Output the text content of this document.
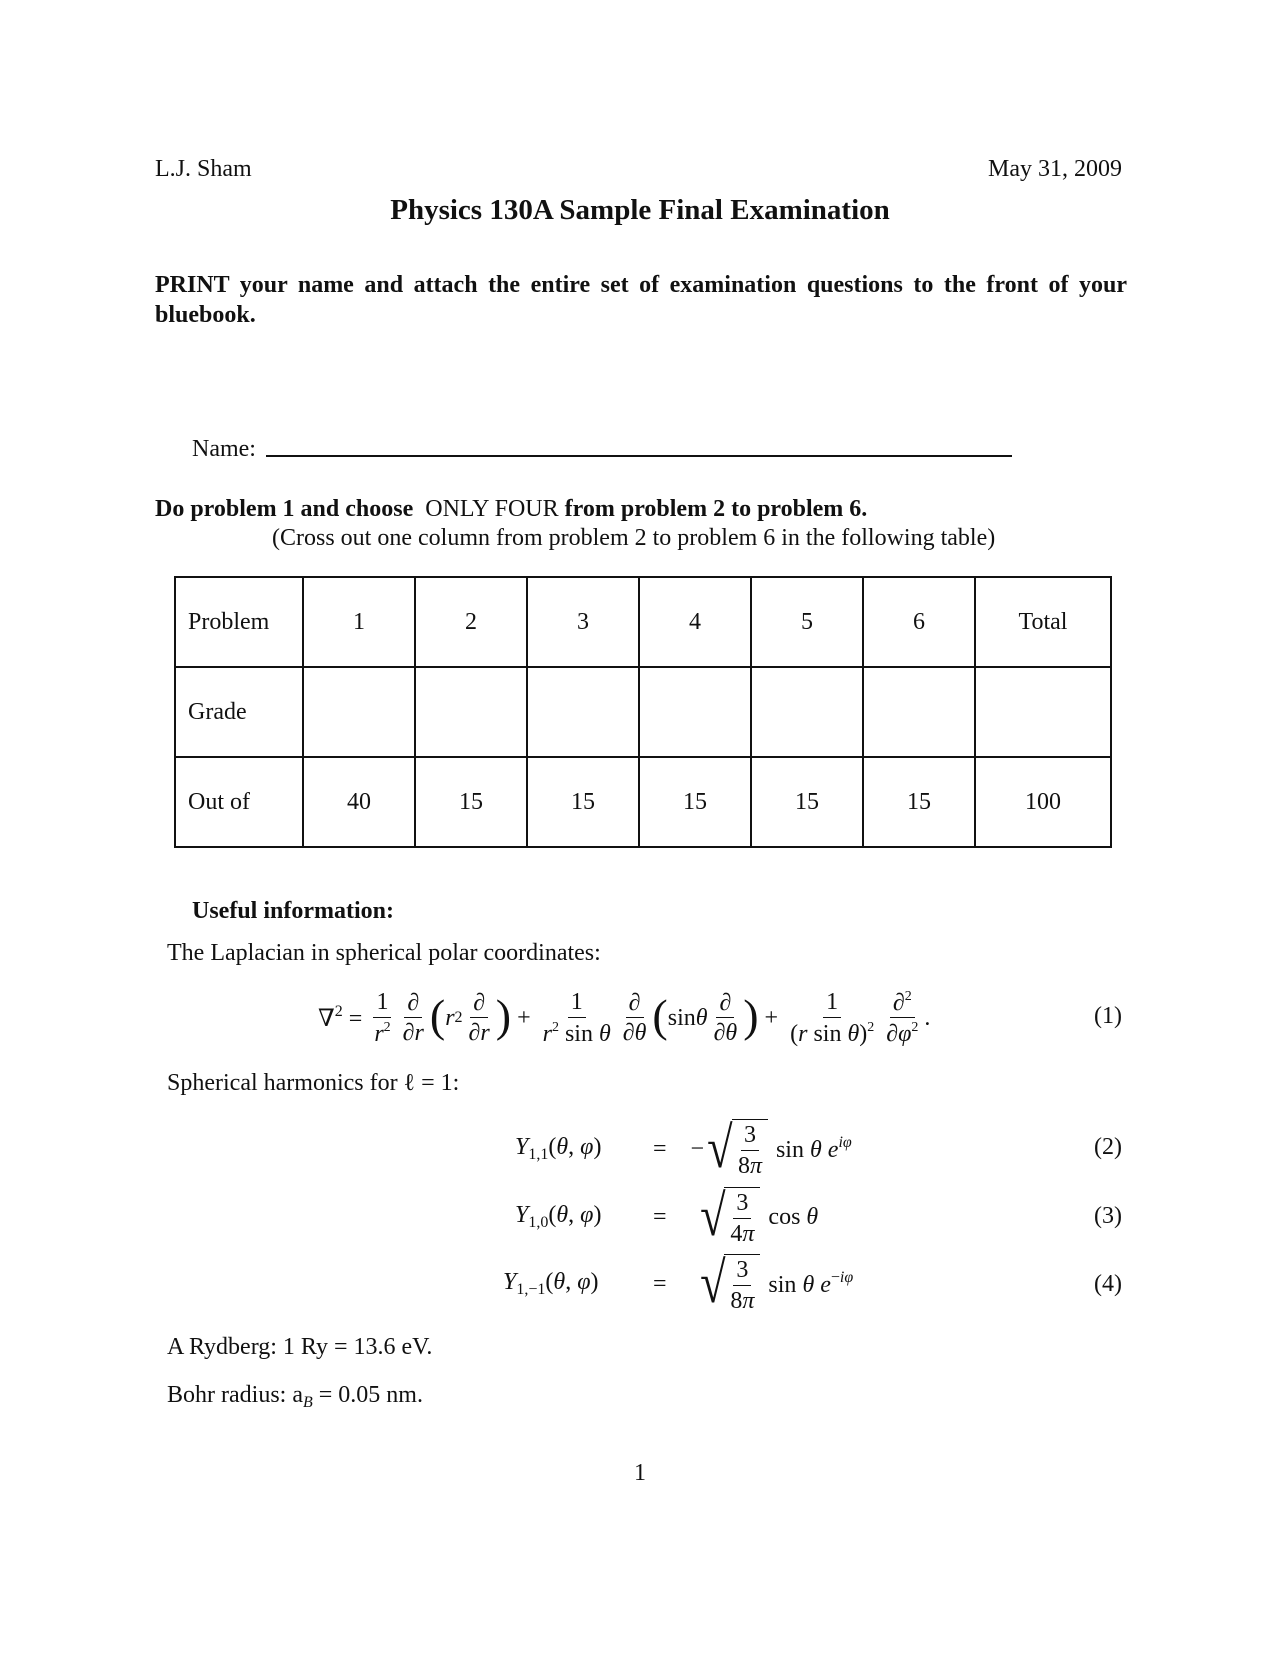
L.J. Sham	May 31, 2009
Physics 130A Sample Final Examination
PRINT your name and attach the entire set of examination questions to the front of your bluebook.
Name:
Do problem 1 and choose ONLY FOUR from problem 2 to problem 6.
(Cross out one column from problem 2 to problem 6 in the following table)
Problem	1	2	3	4	5	6	Total
Grade							
Out of	40	15	15	15	15	15	100
Useful information:
The Laplacian in spherical polar coordinates:
$\nabla^2 = \frac{1}{r^2} \frac{\partial}{\partial r}$ ( r $2 \frac{\partial}{\partial r}$ ) + $\frac{1}{r^2 \sin \theta} \frac{\partial}{\partial\theta}$ ( sin θ $\frac{\partial}{\partial\theta}$ ) + $\frac{1}{(r \sin \theta)^2} \frac{\partial^2}{\partial\varphi^2}$ .	(1)
Spherical harmonics for ℓ = 1:
$Y_{1,1}(\theta$, φ)	= − √ $\frac{3}{8\pi}$ sin θ $e^{i\varphi}$	(2)
$Y_{1,0}(\theta$, φ)	= √ $\frac{3}{4\pi}$ cos θ	(3)
$Y_{1,-1}(\theta$, φ)	= √ $\frac{3}{8\pi}$ sin θ $e^{-i\varphi}$	(4)
A Rydberg: 1 Ry = 13.6 eV.
Bohr radius: $a_B = 0.05$ nm.
1
